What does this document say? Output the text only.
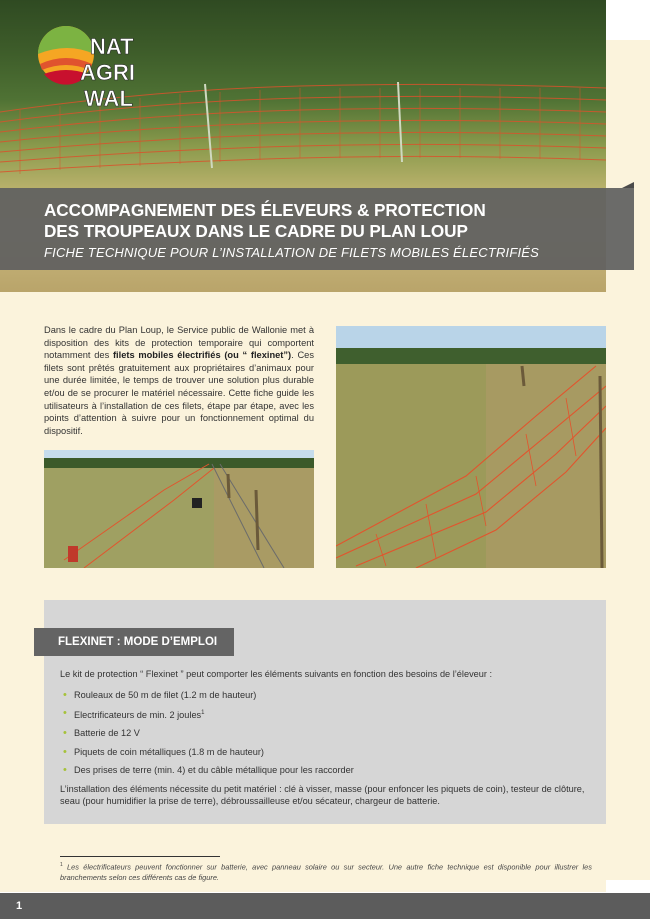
NAT
AGRI
WAL
ACCOMPAGNEMENT DES ÉLEVEURS & PROTECTION
DES TROUPEAUX DANS LE CADRE DU PLAN LOUP

FICHE TECHNIQUE POUR L’INSTALLATION DE FILETS MOBILES ÉLECTRIFIÉS

Dans le cadre du Plan Loup, le Service public de Wallonie met à disposition des kits de protection temporaire qui comportent notamment des filets mobiles électrifiés (ou “ flexinet”). Ces filets sont prêtés gratuitement aux propriétaires d’animaux pour une durée limitée, le temps de trouver une solution plus durable et/ou de se procurer le matériel nécessaire. Cette fiche guide les utilisateurs à l’installation de ces filets, étape par étape, avec les points d’attention à suivre pour un fonctionnement optimal du dispositif.
FLEXINET : MODE D’EMPLOI

Le kit de protection “ Flexinet ” peut comporter les éléments suivants en fonction des besoins de l’éleveur :

• Rouleaux de 50 m de filet (1.2 m de hauteur)
• Electrificateurs de min. 2 joules$^1$
• Batterie de 12 V
• Piquets de coin métalliques (1.8 m de hauteur)
• Des prises de terre (min. 4) et du câble métallique pour les raccorder

L’installation des éléments nécessite du petit matériel : clé à visser, masse (pour enfoncer les piquets de coin), testeur de clôture, seau (pour humidifier la prise de terre), débroussailleuse et/ou sécateur, chargeur de batterie.

$^1$ Les électrificateurs peuvent fonctionner sur batterie, avec panneau solaire ou sur secteur. Une autre fiche technique est disponible pour illustrer les branchements selon ces différents cas de figure.
1
